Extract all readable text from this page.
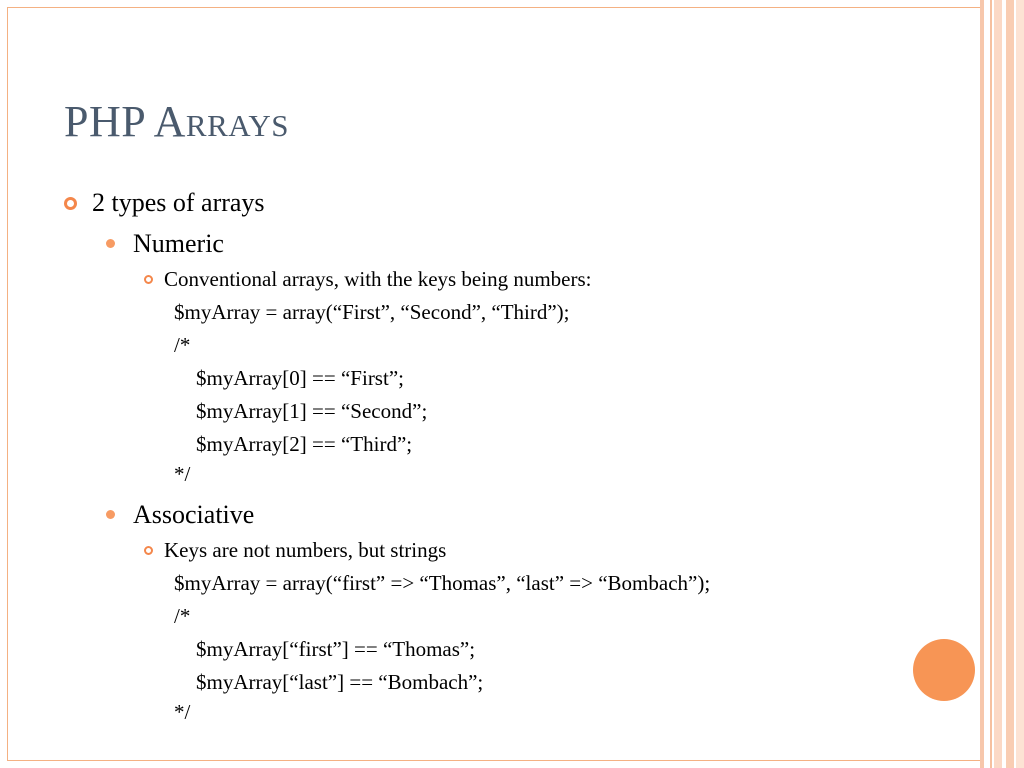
PHP Arrays
2 types of arrays
Numeric
Conventional arrays, with the keys being numbers:
$myArray = array(“First”, “Second”, “Third”);
/*
$myArray[0] == “First”;
$myArray[1] == “Second”;
$myArray[2] == “Third”;
*/
Associative
Keys are not numbers, but strings
$myArray = array(“first” => “Thomas”, “last” => “Bombach”);
/*
$myArray[“first”] == “Thomas”;
$myArray[“last”] == “Bombach”;
*/
